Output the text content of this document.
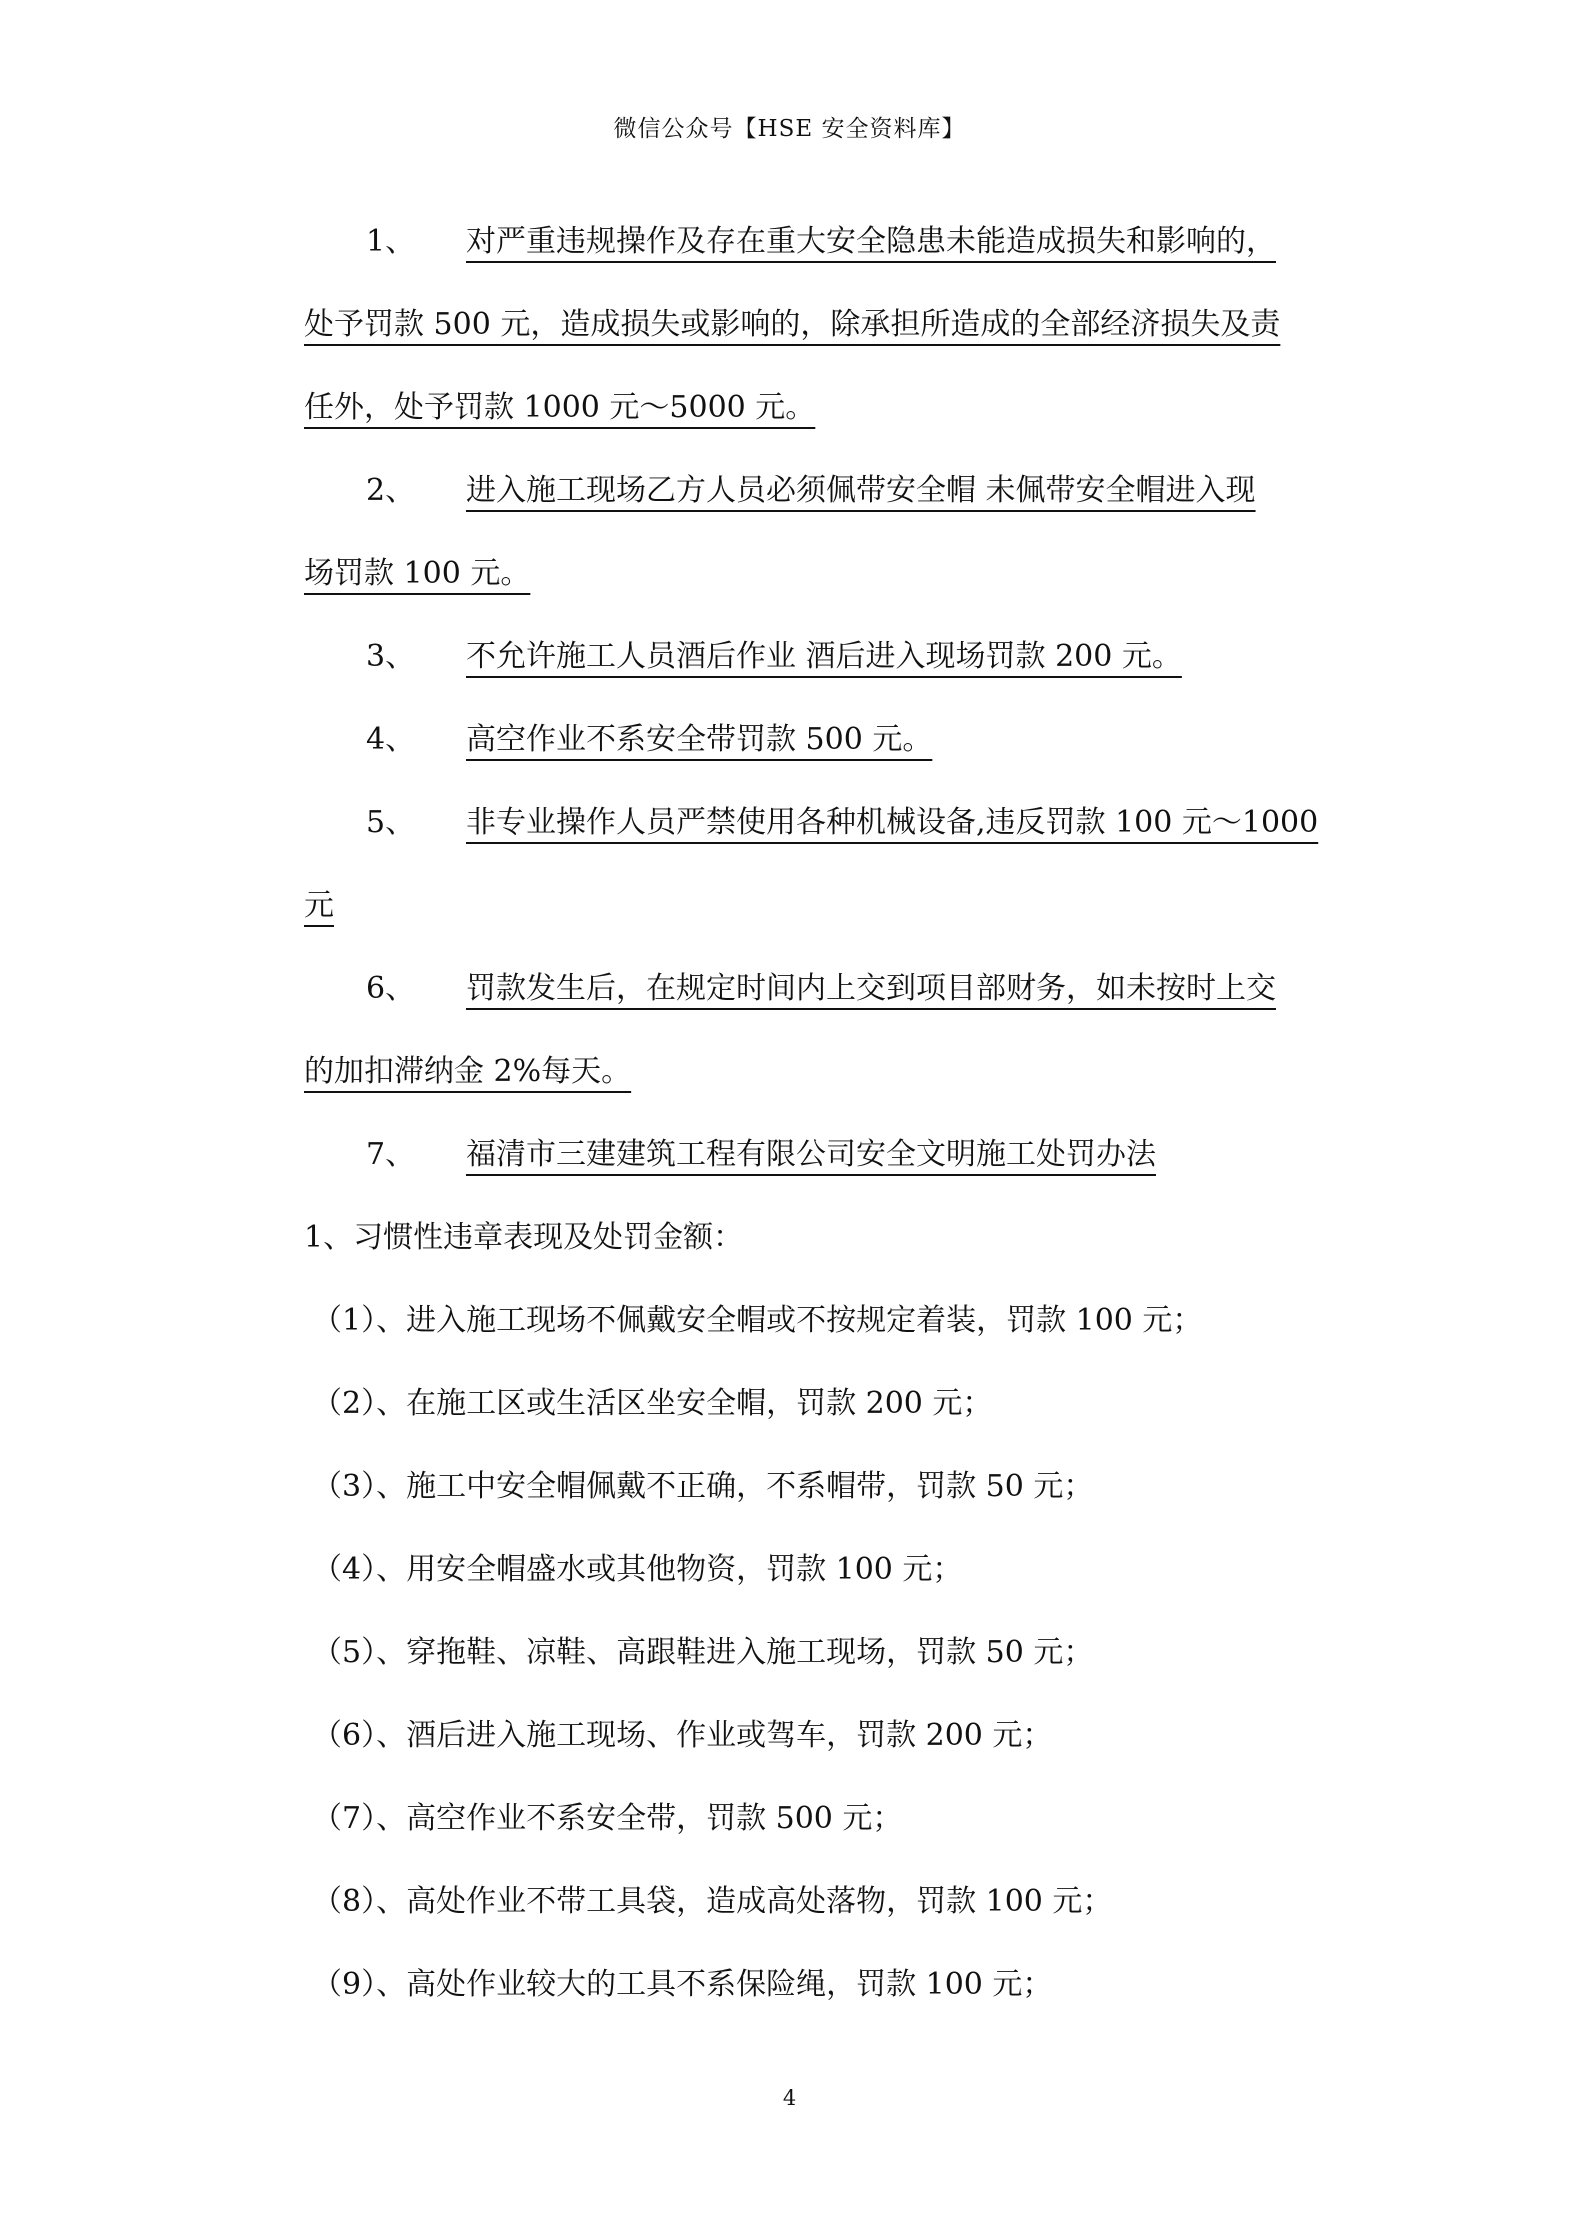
微信公众号【HSE 安全资料库】
1、 对严重违规操作及存在重大安全隐患未能造成损失和影响的，
处予罚款 500 元，造成损失或影响的，除承担所造成的全部经济损失及责
任外，处予罚款 1000 元～5000 元。
2、 进入施工现场乙方人员必须佩带安全帽 未佩带安全帽进入现
场罚款 100 元。
3、 不允许施工人员酒后作业 酒后进入现场罚款 200 元。
4、 高空作业不系安全带罚款 500 元。
5、 非专业操作人员严禁使用各种机械设备,违反罚款 100 元～1000
元
6、 罚款发生后，在规定时间内上交到项目部财务，如未按时上交
的加扣滞纳金 2%每天。
7、 福清市三建建筑工程有限公司安全文明施工处罚办法
1、习惯性违章表现及处罚金额：
（1）、进入施工现场不佩戴安全帽或不按规定着装，罚款 100 元；
（2）、在施工区或生活区坐安全帽，罚款 200 元；
（3）、施工中安全帽佩戴不正确，不系帽带，罚款 50 元；
（4）、用安全帽盛水或其他物资，罚款 100 元；
（5）、穿拖鞋、凉鞋、高跟鞋进入施工现场，罚款 50 元；
（6）、酒后进入施工现场、作业或驾车，罚款 200 元；
（7）、高空作业不系安全带，罚款 500 元；
（8）、高处作业不带工具袋，造成高处落物，罚款 100 元；
（9）、高处作业较大的工具不系保险绳，罚款 100 元；
4
